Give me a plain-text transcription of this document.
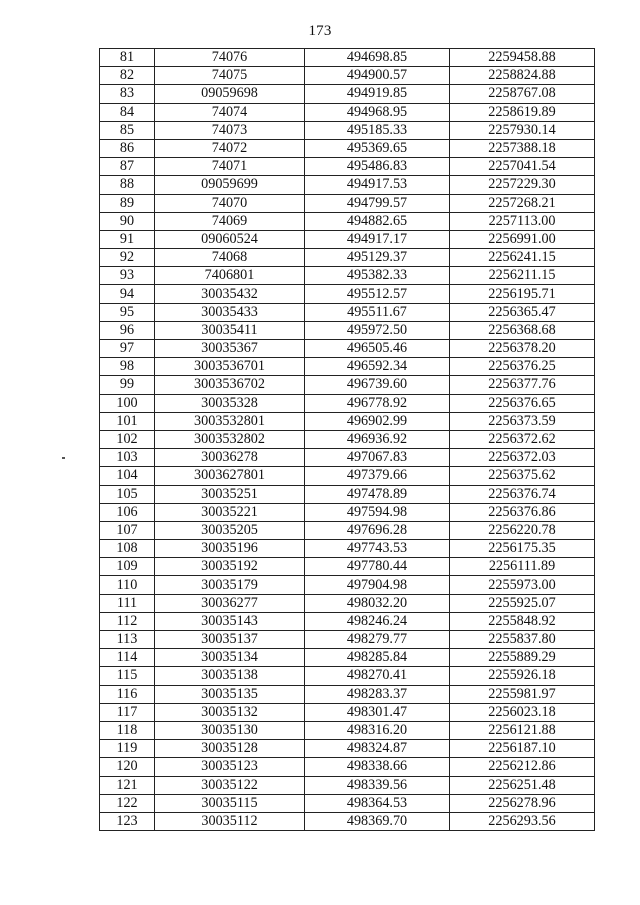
173
81	74076	494698.85	2259458.88
82	74075	494900.57	2258824.88
83	09059698	494919.85	2258767.08
84	74074	494968.95	2258619.89
85	74073	495185.33	2257930.14
86	74072	495369.65	2257388.18
87	74071	495486.83	2257041.54
88	09059699	494917.53	2257229.30
89	74070	494799.57	2257268.21
90	74069	494882.65	2257113.00
91	09060524	494917.17	2256991.00
92	74068	495129.37	2256241.15
93	7406801	495382.33	2256211.15
94	30035432	495512.57	2256195.71
95	30035433	495511.67	2256365.47
96	30035411	495972.50	2256368.68
97	30035367	496505.46	2256378.20
98	3003536701	496592.34	2256376.25
99	3003536702	496739.60	2256377.76
100	30035328	496778.92	2256376.65
101	3003532801	496902.99	2256373.59
102	3003532802	496936.92	2256372.62
103	30036278	497067.83	2256372.03
104	3003627801	497379.66	2256375.62
105	30035251	497478.89	2256376.74
106	30035221	497594.98	2256376.86
107	30035205	497696.28	2256220.78
108	30035196	497743.53	2256175.35
109	30035192	497780.44	2256111.89
110	30035179	497904.98	2255973.00
111	30036277	498032.20	2255925.07
112	30035143	498246.24	2255848.92
113	30035137	498279.77	2255837.80
114	30035134	498285.84	2255889.29
115	30035138	498270.41	2255926.18
116	30035135	498283.37	2255981.97
117	30035132	498301.47	2256023.18
118	30035130	498316.20	2256121.88
119	30035128	498324.87	2256187.10
120	30035123	498338.66	2256212.86
121	30035122	498339.56	2256251.48
122	30035115	498364.53	2256278.96
123	30035112	498369.70	2256293.56
